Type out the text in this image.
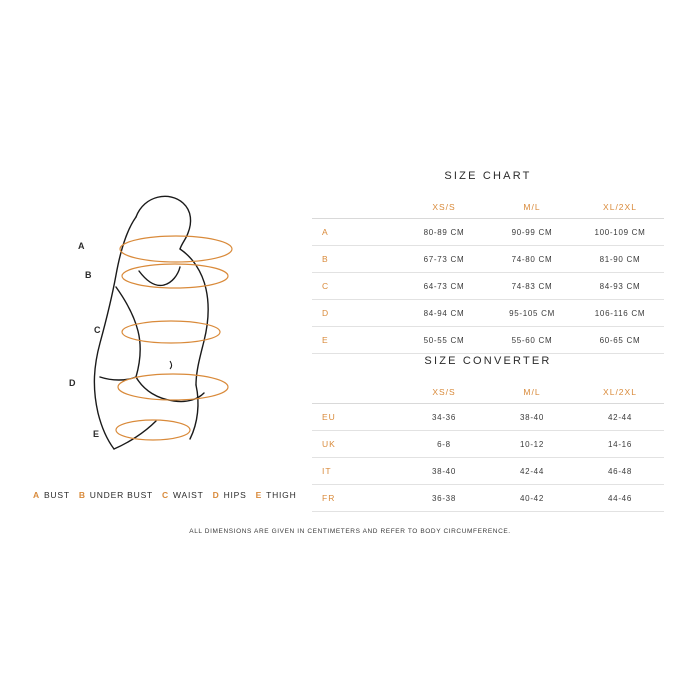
A
B
C
D
E
A BUST B UNDER BUST C WAIST D HIPS E THIGH
SIZE CHART
	XS/S	M/L	XL/2XL
A	80-89 CM	90-99 CM	100-109 CM
B	67-73 CM	74-80 CM	81-90 CM
C	64-73 CM	74-83 CM	84-93 CM
D	84-94 CM	95-105 CM	106-116 CM
E	50-55 CM	55-60 CM	60-65 CM
SIZE CONVERTER
	XS/S	M/L	XL/2XL
EU	34-36	38-40	42-44
UK	6-8	10-12	14-16
IT	38-40	42-44	46-48
FR	36-38	40-42	44-46
ALL DIMENSIONS ARE GIVEN IN CENTIMETERS AND REFER TO BODY CIRCUMFERENCE.
